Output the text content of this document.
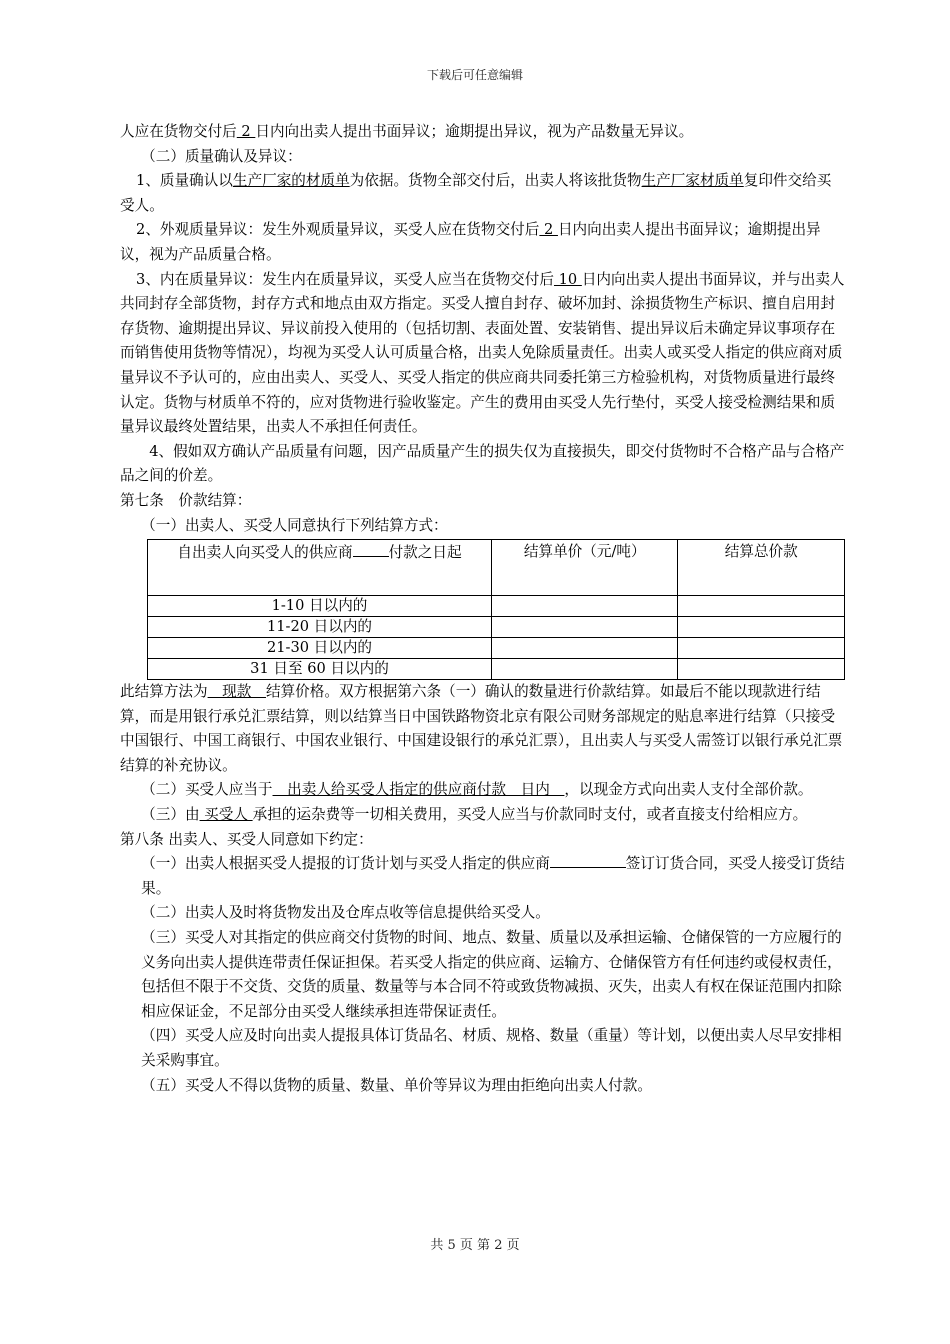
下载后可任意编辑

人应在货物交付后 2 日内向出卖人提出书面异议；逾期提出异议，视为产品数量无异议。

（二）质量确认及异议：

1、质量确认以生产厂家的材质单为依据。货物全部交付后，出卖人将该批货物生产厂家材质单复印件交给买受人。

2、外观质量异议：发生外观质量异议，买受人应在货物交付后 2 日内向出卖人提出书面异议；逾期提出异议，视为产品质量合格。

3、内在质量异议：发生内在质量异议，买受人应当在货物交付后 10 日内向出卖人提出书面异议，并与出卖人共同封存全部货物，封存方式和地点由双方指定。买受人擅自封存、破坏加封、涂损货物生产标识、擅自启用封存货物、逾期提出异议、异议前投入使用的（包括切割、表面处置、安装销售、提出异议后未确定异议事项存在而销售使用货物等情况），均视为买受人认可质量合格，出卖人免除质量责任。出卖人或买受人指定的供应商对质量异议不予认可的，应由出卖人、买受人、买受人指定的供应商共同委托第三方检验机构，对货物质量进行最终认定。货物与材质单不符的，应对货物进行验收鉴定。产生的费用由买受人先行垫付，买受人接受检测结果和质量异议最终处置结果，出卖人不承担任何责任。

4、假如双方确认产品质量有问题，因产品质量产生的损失仅为直接损失，即交付货物时不合格产品与合格产品之间的价差。

第七条　价款结算：

（一）出卖人、买受人同意执行下列结算方式：

自出卖人向买受人的供应商 付款之日起	结算单价（元/吨）	结算总价款
1-10 日以内的		
11-20 日以内的		
21-30 日以内的		
31 日至 60 日以内的		

此结算方法为　现款　结算价格。双方根据第六条（一）确认的数量进行价款结算。如最后不能以现款进行结算，而是用银行承兑汇票结算，则以结算当日中国铁路物资北京有限公司财务部规定的贴息率进行结算（只接受中国银行、中国工商银行、中国农业银行、中国建设银行的承兑汇票），且出卖人与买受人需签订以银行承兑汇票结算的补充协议。

（二）买受人应当于　出卖人给买受人指定的供应商付款　日内　，以现金方式向出卖人支付全部价款。

（三）由 买受人 承担的运杂费等一切相关费用，买受人应当与价款同时支付，或者直接支付给相应方。

第八条 出卖人、买受人同意如下约定：

（一）出卖人根据买受人提报的订货计划与买受人指定的供应商	签订订货合同，买受人接受订货结果。

（二）出卖人及时将货物发出及仓库点收等信息提供给买受人。

（三）买受人对其指定的供应商交付货物的时间、地点、数量、质量以及承担运输、仓储保管的一方应履行的义务向出卖人提供连带责任保证担保。若买受人指定的供应商、运输方、仓储保管方有任何违约或侵权责任，包括但不限于不交货、交货的质量、数量等与本合同不符或致货物减损、灭失，出卖人有权在保证范围内扣除相应保证金，不足部分由买受人继续承担连带保证责任。

（四）买受人应及时向出卖人提报具体订货品名、材质、规格、数量（重量）等计划，以便出卖人尽早安排相关采购事宜。

（五）买受人不得以货物的质量、数量、单价等异议为理由拒绝向出卖人付款。

共 5 页 第 2 页
